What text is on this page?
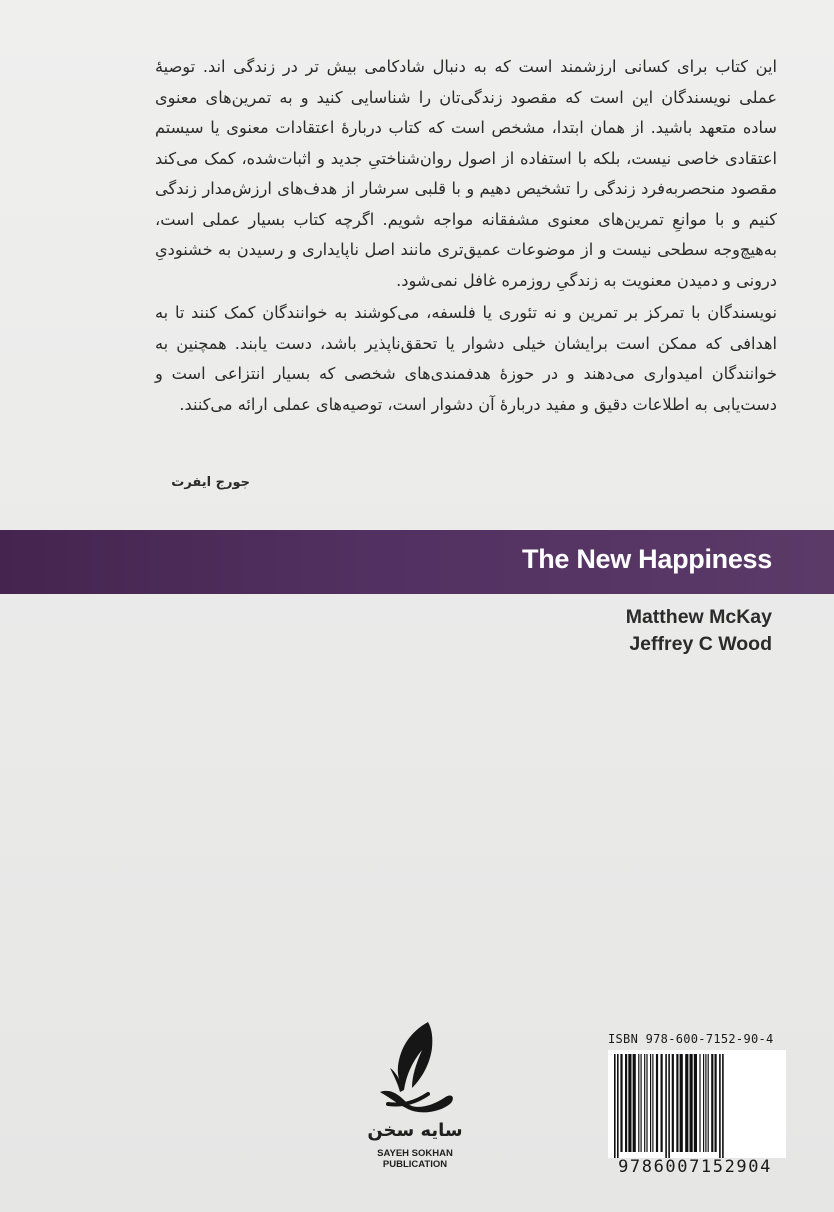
این کتاب برای کسانی ارزشمند است که به دنبال شادکامی بیش تر در زندگی اند. توصیهٔ عملی نویسندگان این است که مقصود زندگی‌تان را شناسایی کنید و به تمرین‌های معنوی ساده متعهد باشید. از همان ابتدا، مشخص است که کتاب دربارهٔ اعتقادات معنوی یا سیستم اعتقادی خاصی نیست، بلکه با استفاده از اصول روان‌شناختیِ جدید و اثبات‌شده، کمک می‌کند مقصود منحصربه‌فرد زندگی را تشخیص دهیم و با قلبی سرشار از هدف‌های ارزش‌مدار زندگی کنیم و با موانعِ تمرین‌های معنوی مشفقانه مواجه شویم. اگرچه کتاب بسیار عملی است، به‌هیچ‌وجه سطحی نیست و از موضوعات عمیق‌تری مانند اصل ناپایداری و رسیدن به خشنودیِ درونی و دمیدن معنویت به زندگیِ روزمره غافل نمی‌شود.

نویسندگان با تمرکز بر تمرین و نه تئوری یا فلسفه، می‌کوشند به خوانندگان کمک کنند تا به اهدافی که ممکن است برایشان خیلی دشوار یا تحقق‌ناپذیر باشد، دست یابند. همچنین به خوانندگان امیدواری می‌دهند و در حوزهٔ هدفمندی‌های شخصی که بسیار انتزاعی است و دست‌یابی به اطلاعات دقیق و مفید دربارهٔ آن دشوار است، توصیه‌های عملی ارائه می‌کنند.

جورج ایفرت
The New Happiness
Matthew McKay
Jeffrey C Wood
سایه سخن
SAYEH SOKHAN
PUBLICATION
ISBN 978-600-7152-90-4
9786007152904
